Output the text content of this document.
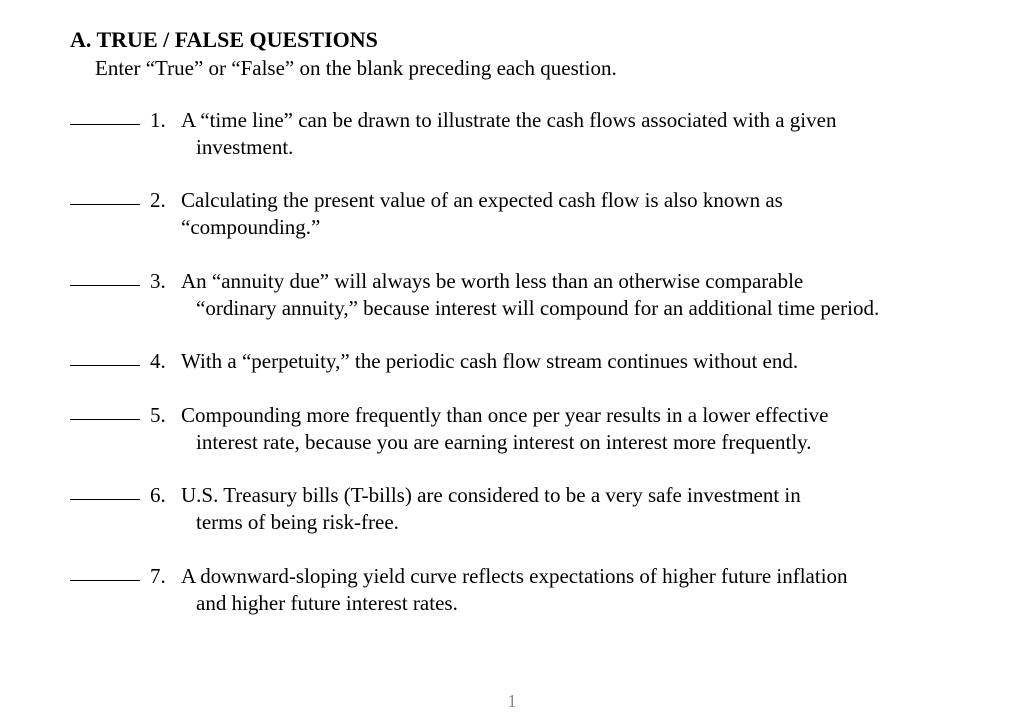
A. TRUE / FALSE QUESTIONS
Enter “True” or “False” on the blank preceding each question.
1. A “time line” can be drawn to illustrate the cash flows associated with a given
investment.
2. Calculating the present value of an expected cash flow is also known as
“compounding.”
3. An “annuity due” will always be worth less than an otherwise comparable
“ordinary annuity,” because interest will compound for an additional time period.
4. With a “perpetuity,” the periodic cash flow stream continues without end.
5. Compounding more frequently than once per year results in a lower effective
interest rate, because you are earning interest on interest more frequently.
6. U.S. Treasury bills (T-bills) are considered to be a very safe investment in
terms of being risk-free.
7. A downward-sloping yield curve reflects expectations of higher future inflation
and higher future interest rates.
1
